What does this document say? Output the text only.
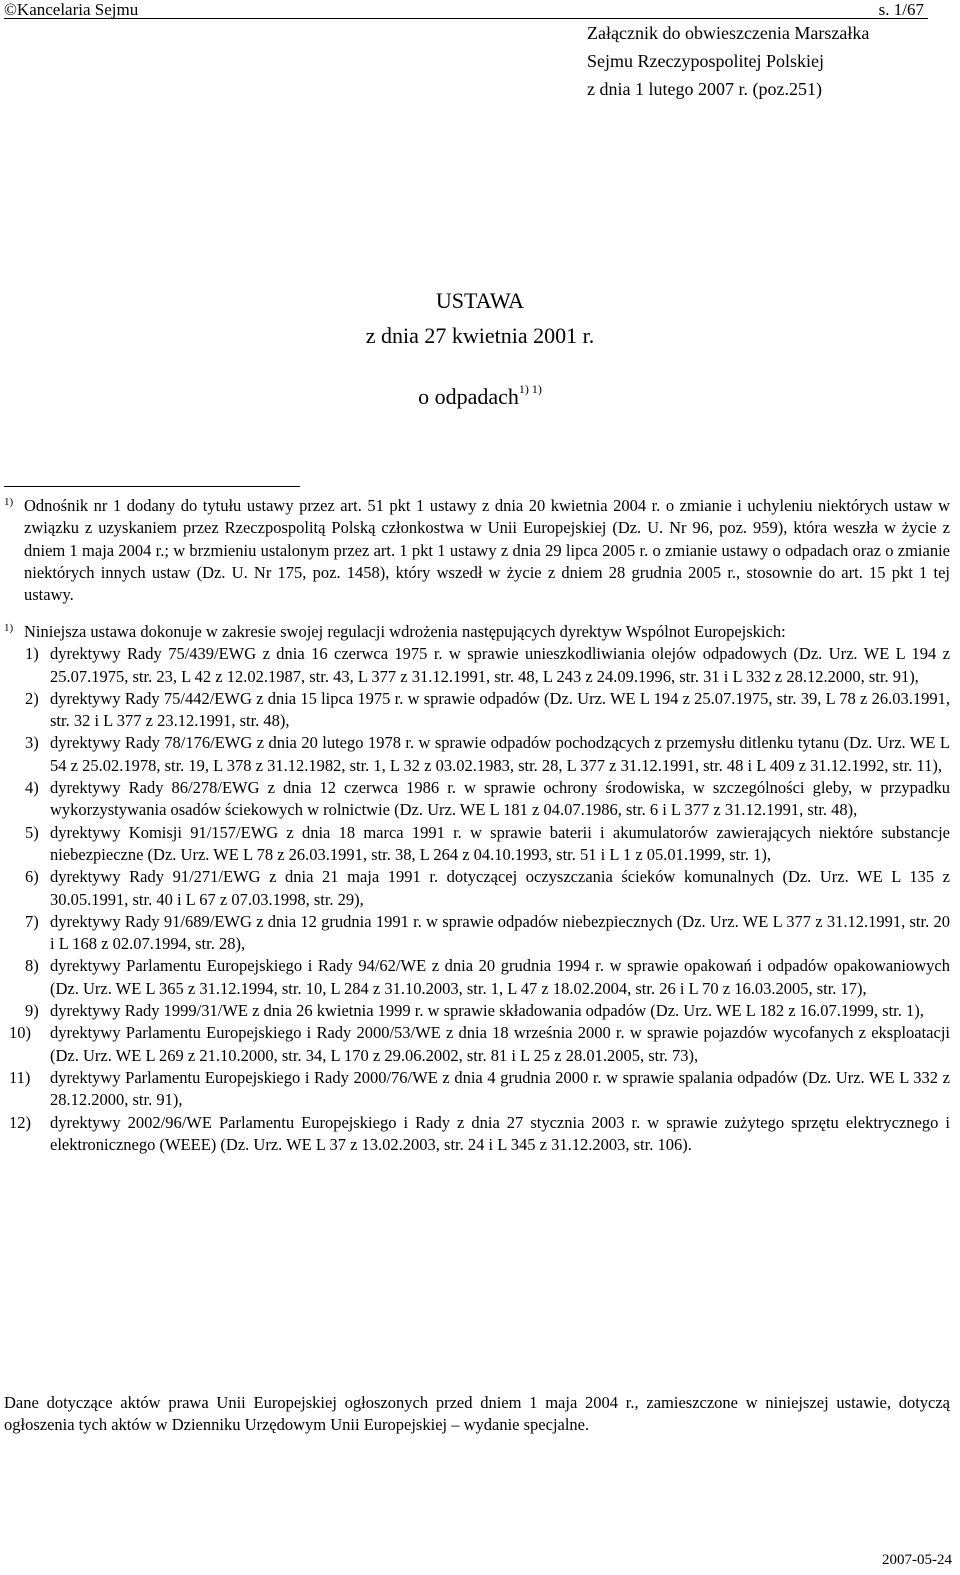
©Kancelaria Sejmu	s. 1/67
Załącznik do obwieszczenia Marszałka
Sejmu Rzeczypospolitej Polskiej
z dnia 1 lutego 2007 r. (poz.251)
USTAWA
z dnia 27 kwietnia 2001 r.
o odpadach$^{1) 1)}$
1) Odnośnik nr 1 dodany do tytułu ustawy przez art. 51 pkt 1 ustawy z dnia 20 kwietnia 2004 r. o zmianie i uchyleniu niektórych ustaw w związku z uzyskaniem przez Rzeczpospolitą Polską członkostwa w Unii Europejskiej (Dz. U. Nr 96, poz. 959), która weszła w życie z dniem 1 maja 2004 r.; w brzmieniu ustalonym przez art. 1 pkt 1 ustawy z dnia 29 lipca 2005 r. o zmianie ustawy o odpadach oraz o zmianie niektórych innych ustaw (Dz. U. Nr 175, poz. 1458), który wszedł w życie z dniem 28 grudnia 2005 r., stosownie do art. 15 pkt 1 tej ustawy.
1) Niniejsza ustawa dokonuje w zakresie swojej regulacji wdrożenia następujących dyrektyw Wspólnot Europejskich:
1) dyrektywy Rady 75/439/EWG z dnia 16 czerwca 1975 r. w sprawie unieszkodliwiania olejów odpadowych (Dz. Urz. WE L 194 z 25.07.1975, str. 23, L 42 z 12.02.1987, str. 43, L 377 z 31.12.1991, str. 48, L 243 z 24.09.1996, str. 31 i L 332 z 28.12.2000, str. 91),
2) dyrektywy Rady 75/442/EWG z dnia 15 lipca 1975 r. w sprawie odpadów (Dz. Urz. WE L 194 z 25.07.1975, str. 39, L 78 z 26.03.1991, str. 32 i L 377 z 23.12.1991, str. 48),
3) dyrektywy Rady 78/176/EWG z dnia 20 lutego 1978 r. w sprawie odpadów pochodzących z przemysłu ditlenku tytanu (Dz. Urz. WE L 54 z 25.02.1978, str. 19, L 378 z 31.12.1982, str. 1, L 32 z 03.02.1983, str. 28, L 377 z 31.12.1991, str. 48 i L 409 z 31.12.1992, str. 11),
4) dyrektywy Rady 86/278/EWG z dnia 12 czerwca 1986 r. w sprawie ochrony środowiska, w szczególności gleby, w przypadku wykorzystywania osadów ściekowych w rolnictwie (Dz. Urz. WE L 181 z 04.07.1986, str. 6 i L 377 z 31.12.1991, str. 48),
5) dyrektywy Komisji 91/157/EWG z dnia 18 marca 1991 r. w sprawie baterii i akumulatorów zawierających niektóre substancje niebezpieczne (Dz. Urz. WE L 78 z 26.03.1991, str. 38, L 264 z 04.10.1993, str. 51 i L 1 z 05.01.1999, str. 1),
6) dyrektywy Rady 91/271/EWG z dnia 21 maja 1991 r. dotyczącej oczyszczania ścieków komunalnych (Dz. Urz. WE L 135 z 30.05.1991, str. 40 i L 67 z 07.03.1998, str. 29),
7) dyrektywy Rady 91/689/EWG z dnia 12 grudnia 1991 r. w sprawie odpadów niebezpiecznych (Dz. Urz. WE L 377 z 31.12.1991, str. 20 i L 168 z 02.07.1994, str. 28),
8) dyrektywy Parlamentu Europejskiego i Rady 94/62/WE z dnia 20 grudnia 1994 r. w sprawie opakowań i odpadów opakowaniowych (Dz. Urz. WE L 365 z 31.12.1994, str. 10, L 284 z 31.10.2003, str. 1, L 47 z 18.02.2004, str. 26 i L 70 z 16.03.2005, str. 17),
9) dyrektywy Rady 1999/31/WE z dnia 26 kwietnia 1999 r. w sprawie składowania odpadów (Dz. Urz. WE L 182 z 16.07.1999, str. 1),
10) dyrektywy Parlamentu Europejskiego i Rady 2000/53/WE z dnia 18 września 2000 r. w sprawie pojazdów wycofanych z eksploatacji (Dz. Urz. WE L 269 z 21.10.2000, str. 34, L 170 z 29.06.2002, str. 81 i L 25 z 28.01.2005, str. 73),
11) dyrektywy Parlamentu Europejskiego i Rady 2000/76/WE z dnia 4 grudnia 2000 r. w sprawie spalania odpadów (Dz. Urz. WE L 332 z 28.12.2000, str. 91),
12) dyrektywy 2002/96/WE Parlamentu Europejskiego i Rady z dnia 27 stycznia 2003 r. w sprawie zużytego sprzętu elektrycznego i elektronicznego (WEEE) (Dz. Urz. WE L 37 z 13.02.2003, str. 24 i L 345 z 31.12.2003, str. 106).
Dane dotyczące aktów prawa Unii Europejskiej ogłoszonych przed dniem 1 maja 2004 r., zamieszczone w niniejszej ustawie, dotyczą ogłoszenia tych aktów w Dzienniku Urzędowym Unii Europejskiej – wydanie specjalne.
2007-05-24
